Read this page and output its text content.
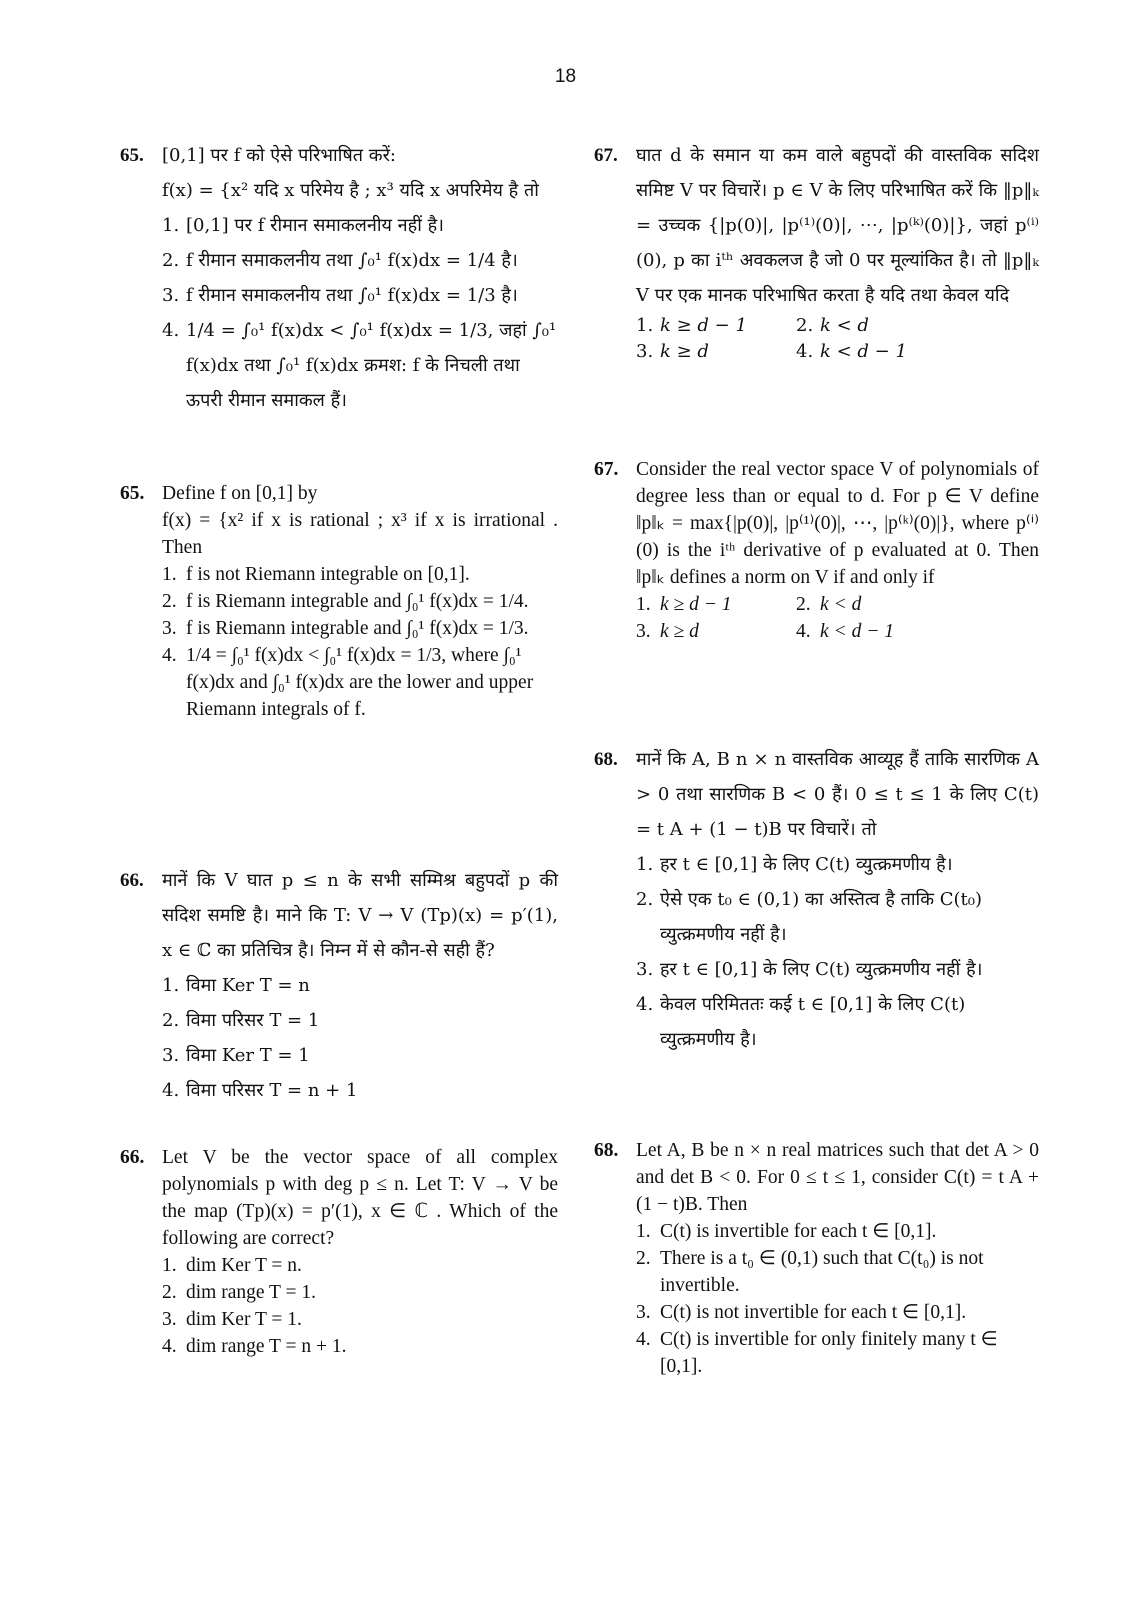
18
65. [0,1] पर f को ऐसे परिभाषित करें:
f(x) = {x² यदि x परिमेय है ; x³ यदि x अपरिमेय है तो
1. [0,1] पर f रीमान समाकलनीय नहीं है।
2. f रीमान समाकलनीय तथा ∫₀¹ f(x)dx = 1/4 है।
3. f रीमान समाकलनीय तथा ∫₀¹ f(x)dx = 1/3 है।
4. 1/4 = ∫₀¹ f(x)dx < ∫₀¹ f(x)dx = 1/3, जहां ∫₀¹ f(x)dx तथा ∫₀¹ f(x)dx क्रमश: f के निचली तथा ऊपरी रीमान समाकल हैं।
65. Define f on [0,1] by
f(x) = {x² if x is rational ; x³ if x is irrational . Then
1. f is not Riemann integrable on [0,1].
2. f is Riemann integrable and ∫₀¹ f(x)dx = 1/4.
3. f is Riemann integrable and ∫₀¹ f(x)dx = 1/3.
4. 1/4 = ∫₀¹ f(x)dx < ∫₀¹ f(x)dx = 1/3, where ∫₀¹ f(x)dx and ∫₀¹ f(x)dx are the lower and upper Riemann integrals of f.
66. मानें कि V घात p ≤ n के सभी सम्मिश्र बहुपदों p की सदिश समष्टि है। माने कि T: V → V (Tp)(x) = p′(1), x ∈ ℂ का प्रतिचित्र है। निम्न में से कौन-से सही हैं?
1. विमा Ker T = n
2. विमा परिसर T = 1
3. विमा Ker T = 1
4. विमा परिसर T = n + 1
66. Let V be the vector space of all complex polynomials p with deg p ≤ n. Let T: V → V be the map (Tp)(x) = p′(1), x ∈ ℂ . Which of the following are correct?
1. dim Ker T = n.
2. dim range T = 1.
3. dim Ker T = 1.
4. dim range T = n + 1.
67. घात d के समान या कम वाले बहुपदों की वास्तविक सदिश समिष्ट V पर विचारें। p ∈ V के लिए परिभाषित करें कि ‖p‖ₖ = उच्चक {|p(0)|, |p⁽¹⁾(0)|, ⋯, |p⁽ᵏ⁾(0)|}, जहां p⁽ⁱ⁾(0), p का iᵗʰ अवकलज है जो 0 पर मूल्यांकित है। तो ‖p‖ₖ V पर एक मानक परिभाषित करता है यदि तथा केवल यदि
1. k ≥ d − 1	2. k < d
3. k ≥ d	4. k < d − 1
67. Consider the real vector space V of polynomials of degree less than or equal to d. For p ∈ V define ‖p‖ₖ = max{|p(0)|, |p⁽¹⁾(0)|, ⋯, |p⁽ᵏ⁾(0)|}, where p⁽ⁱ⁾(0) is the iᵗʰ derivative of p evaluated at 0. Then ‖p‖ₖ defines a norm on V if and only if
1. k ≥ d − 1	2. k < d
3. k ≥ d	4. k < d − 1
68. मानें कि A, B n × n वास्तविक आव्यूह हैं ताकि सारणिक A > 0 तथा सारणिक B < 0 हैं। 0 ≤ t ≤ 1 के लिए C(t) = t A + (1 − t)B पर विचारें। तो
1. हर t ∈ [0,1] के लिए C(t) व्युत्क्रमणीय है।
2. ऐसे एक t₀ ∈ (0,1) का अस्तित्व है ताकि C(t₀) व्युत्क्रमणीय नहीं है।
3. हर t ∈ [0,1] के लिए C(t) व्युत्क्रमणीय नहीं है।
4. केवल परिमिततः कई t ∈ [0,1] के लिए C(t) व्युत्क्रमणीय है।
68. Let A, B be n × n real matrices such that det A > 0 and det B < 0. For 0 ≤ t ≤ 1, consider C(t) = t A + (1 − t)B. Then
1. C(t) is invertible for each t ∈ [0,1].
2. There is a t₀ ∈ (0,1) such that C(t₀) is not invertible.
3. C(t) is not invertible for each t ∈ [0,1].
4. C(t) is invertible for only finitely many t ∈ [0,1].
